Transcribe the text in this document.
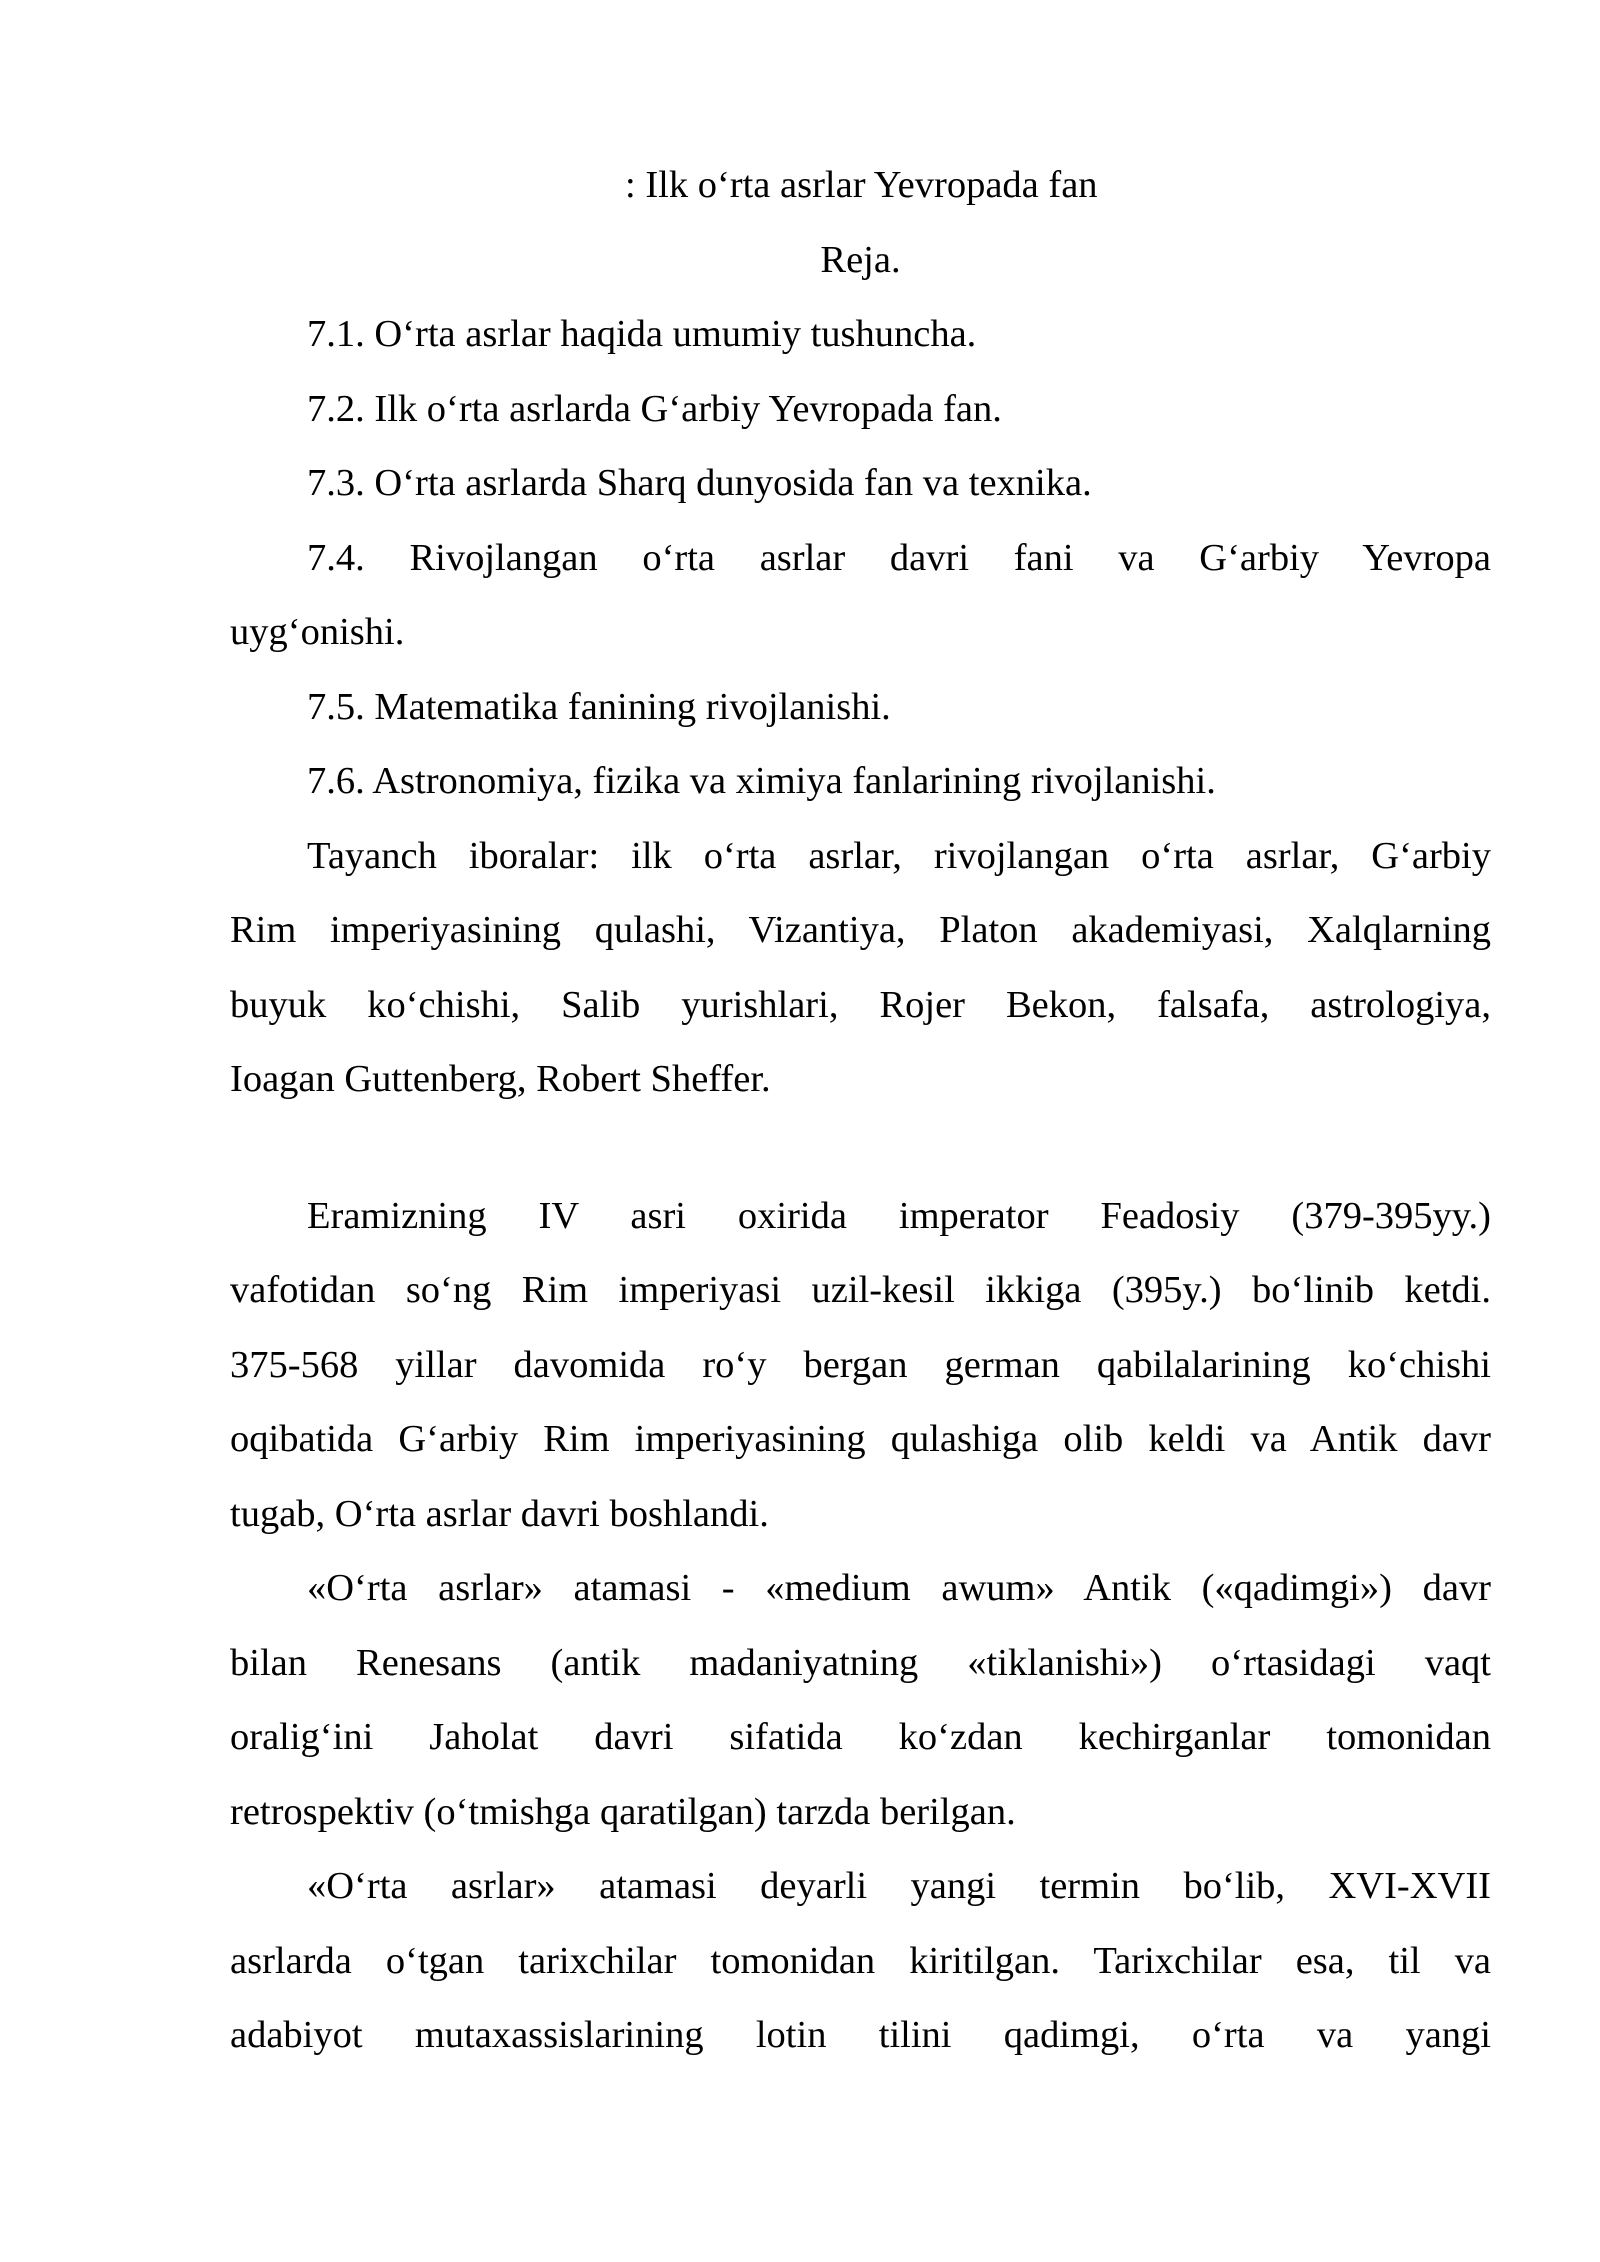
: Ilk o‘rta asrlar Yevropada fan
Reja.
7.1. O‘rta asrlar haqida umumiy tushuncha.
7.2. Ilk o‘rta asrlarda G‘arbiy Yevropada fan.
7.3. O‘rta asrlarda Sharq dunyosida fan va texnika.
7.4. Rivojlangan o‘rta asrlar davri fani va G‘arbiy Yevropa
uyg‘onishi.
7.5. Matematika fanining rivojlanishi.
7.6. Astronomiya, fizika va ximiya fanlarining rivojlanishi.
Tayanch iboralar: ilk o‘rta asrlar, rivojlangan o‘rta asrlar, G‘arbiy
Rim imperiyasining qulashi, Vizantiya, Platon akademiyasi, Xalqlarning
buyuk ko‘chishi, Salib yurishlari, Rojer Bekon, falsafa, astrologiya,
Ioagan Guttenberg, Robert Sheffer.
Eramizning IV asri oxirida imperator Feadosiy (379-395yy.)
vafotidan so‘ng Rim imperiyasi uzil-kesil ikkiga (395y.) bo‘linib ketdi.
375-568 yillar davomida ro‘y bergan german qabilalarining ko‘chishi
oqibatida G‘arbiy Rim imperiyasining qulashiga olib keldi va Antik davr
tugab, O‘rta asrlar davri boshlandi.
«O‘rta asrlar» atamasi - «medium awum» Antik («qadimgi») davr
bilan Renesans (antik madaniyatning «tiklanishi») o‘rtasidagi vaqt
oralig‘ini Jaholat davri sifatida ko‘zdan kechirganlar tomonidan
retrospektiv (o‘tmishga qaratilgan) tarzda berilgan.
«O‘rta asrlar» atamasi deyarli yangi termin bo‘lib, XVI-XVII
asrlarda o‘tgan tarixchilar tomonidan kiritilgan. Tarixchilar esa, til va
adabiyot mutaxassislarining lotin tilini qadimgi, o‘rta va yangi
